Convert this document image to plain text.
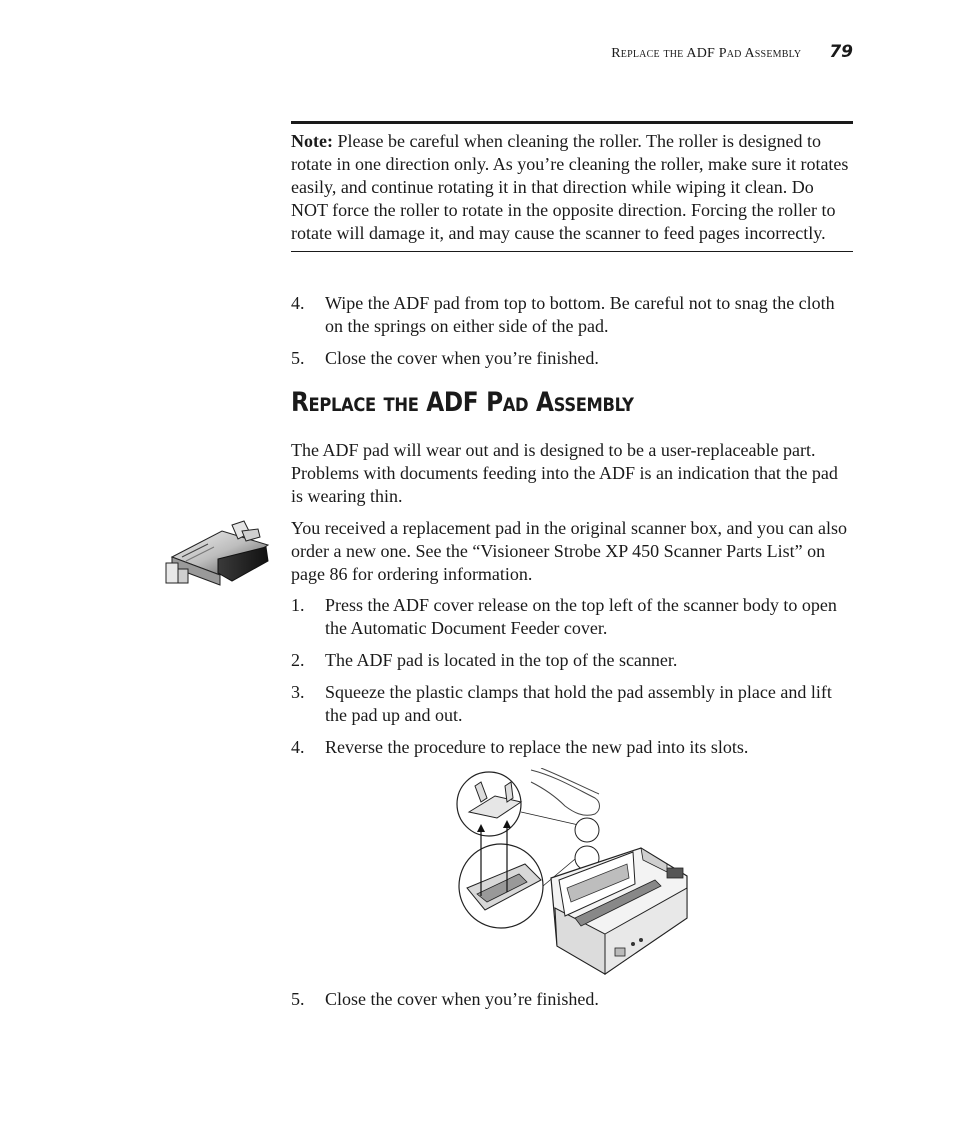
Replace the ADF Pad Assembly 79
Note: Please be careful when cleaning the roller. The roller is designed to rotate in one direction only. As you’re cleaning the roller, make sure it rotates easily, and continue rotating it in that direction while wiping it clean. Do NOT force the roller to rotate in the opposite direction. Forcing the roller to rotate will damage it, and may cause the scanner to feed pages incorrectly.
4.	Wipe the ADF pad from top to bottom. Be careful not to snag the cloth on the springs on either side of the pad.
5.	Close the cover when you’re finished.
Replace the ADF Pad Assembly
The ADF pad will wear out and is designed to be a user-replaceable part. Problems with documents feeding into the ADF is an indication that the pad is wearing thin.
You received a replacement pad in the original scanner box, and you can also order a new one. See the “Visioneer Strobe XP 450 Scanner Parts List” on page 86 for ordering information.
1.	Press the ADF cover release on the top left of the scanner body to open the Automatic Document Feeder cover.
2.	The ADF pad is located in the top of the scanner.
3.	Squeeze the plastic clamps that hold the pad assembly in place and lift the pad up and out.
4.	Reverse the procedure to replace the new pad into its slots.
5.	Close the cover when you’re finished.
